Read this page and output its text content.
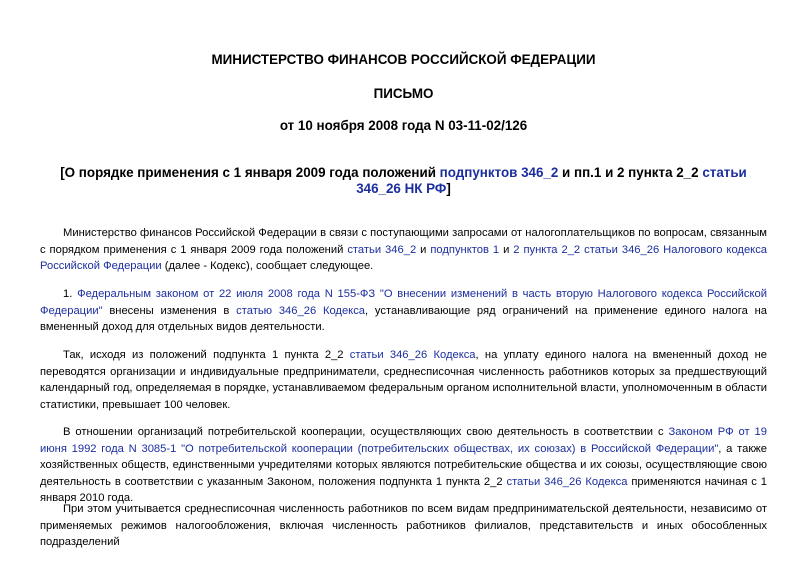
МИНИСТЕРСТВО ФИНАНСОВ РОССИЙСКОЙ ФЕДЕРАЦИИ
ПИСЬМО
от 10 ноября 2008 года N 03-11-02/126
[О порядке применения с 1 января 2009 года положений подпунктов 346_2 и пп.1 и 2 пункта 2_2 статьи 346_26 НК РФ]

Министерство финансов Российской Федерации в связи с поступающими запросами от налогоплательщиков по вопросам, связанным с порядком применения с 1 января 2009 года положений статьи 346_2 и подпунктов 1 и 2 пункта 2_2 статьи 346_26 Налогового кодекса Российской Федерации (далее - Кодекс), сообщает следующее.

1. Федеральным законом от 22 июля 2008 года N 155-ФЗ "О внесении изменений в часть вторую Налогового кодекса Российской Федерации" внесены изменения в статью 346_26 Кодекса, устанавливающие ряд ограничений на применение единого налога на вмененный доход для отдельных видов деятельности.

Так, исходя из положений подпункта 1 пункта 2_2 статьи 346_26 Кодекса, на уплату единого налога на вмененный доход не переводятся организации и индивидуальные предприниматели, среднесписочная численность работников которых за предшествующий календарный год, определяемая в порядке, устанавливаемом федеральным органом исполнительной власти, уполномоченным в области статистики, превышает 100 человек.

В отношении организаций потребительской кооперации, осуществляющих свою деятельность в соответствии с Законом РФ от 19 июня 1992 года N 3085-1 "О потребительской кооперации (потребительских обществах, их союзах) в Российской Федерации", а также хозяйственных обществ, единственными учредителями которых являются потребительские общества и их союзы, осуществляющие свою деятельность в соответствии с указанным Законом, положения подпункта 1 пункта 2_2 статьи 346_26 Кодекса применяются начиная с 1 января 2010 года.

При этом учитывается среднесписочная численность работников по всем видам предпринимательской деятельности, независимо от применяемых режимов налогообложения, включая численность работников филиалов, представительств и иных обособленных подразделений
